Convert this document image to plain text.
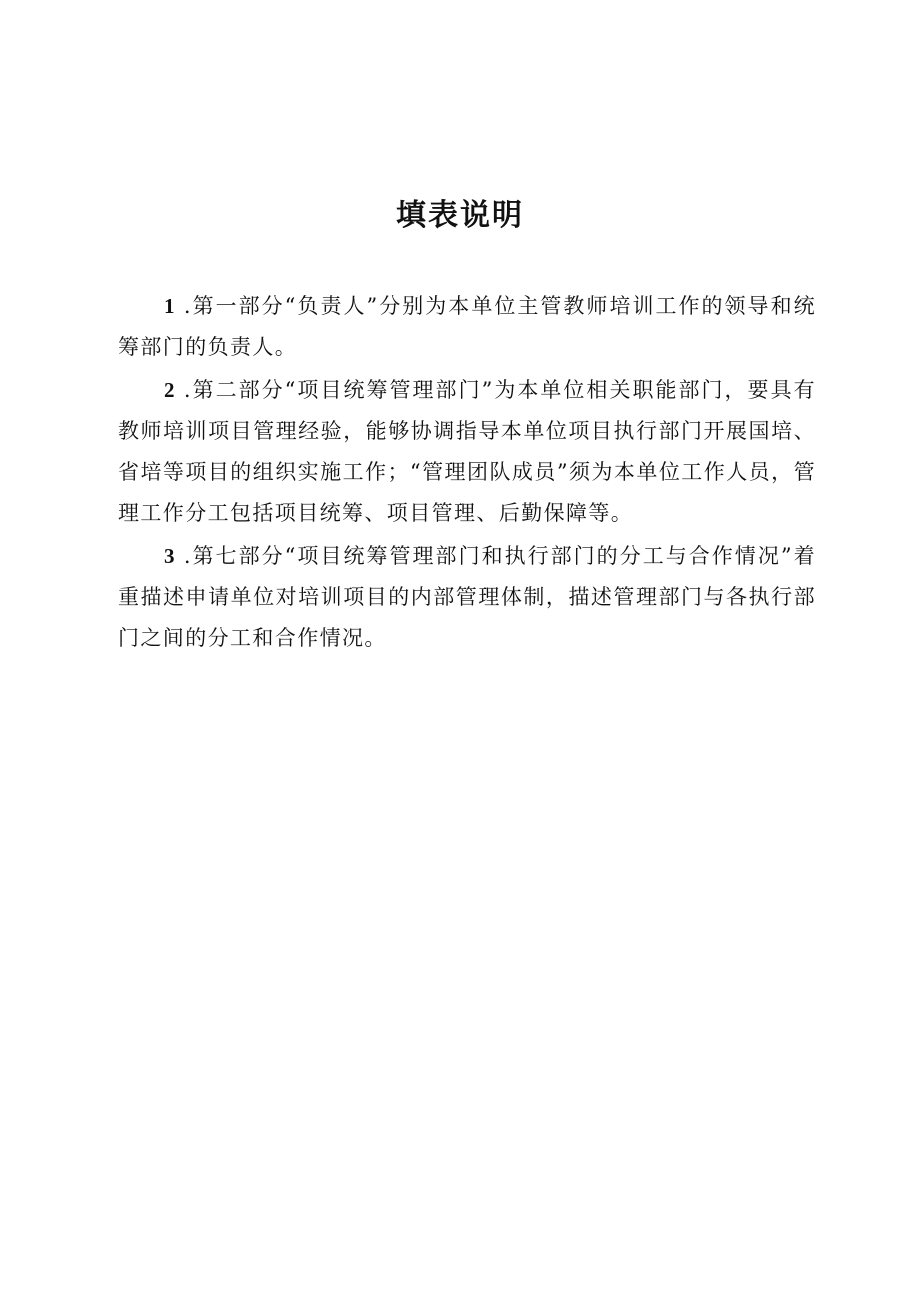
填表说明

1 .第一部分“负责人”分别为本单位主管教师培训工作的领导和统筹部门的负责人。

2 .第二部分“项目统筹管理部门”为本单位相关职能部门，要具有教师培训项目管理经验，能够协调指导本单位项目执行部门开展国培、省培等项目的组织实施工作；“管理团队成员”须为本单位工作人员，管理工作分工包括项目统筹、项目管理、后勤保障等。

3 .第七部分“项目统筹管理部门和执行部门的分工与合作情况”着重描述申请单位对培训项目的内部管理体制，描述管理部门与各执行部门之间的分工和合作情况。
